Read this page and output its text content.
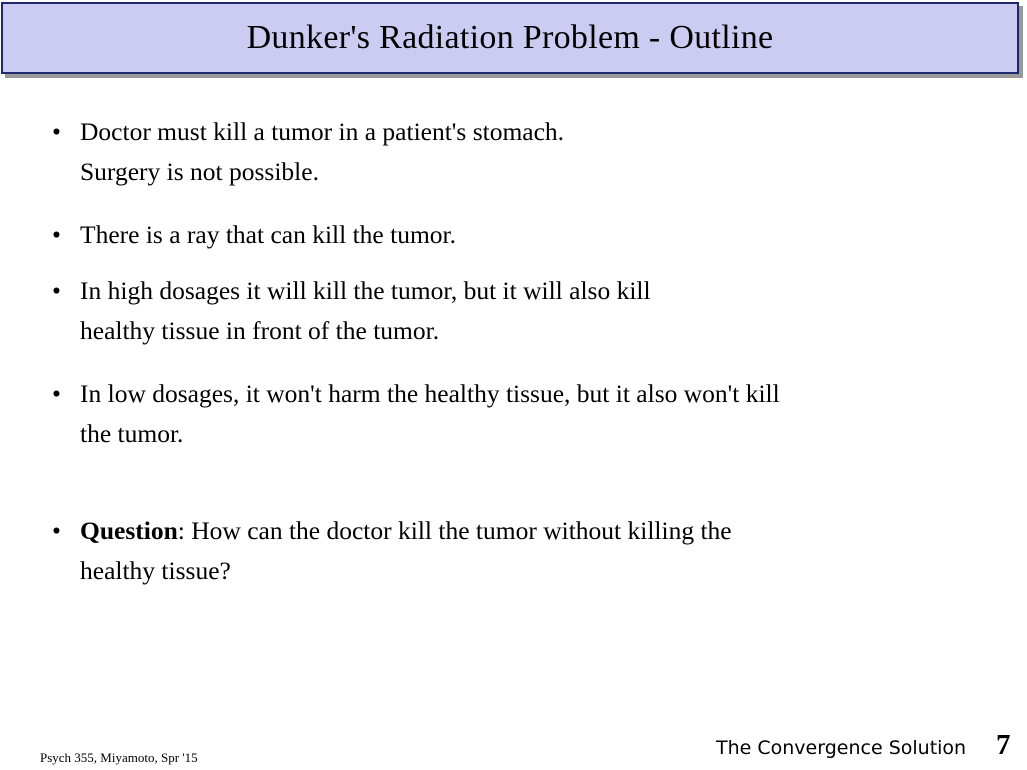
Dunker's Radiation Problem - Outline
• Doctor must kill a tumor in a patient's stomach.
Surgery is not possible.
• There is a ray that can kill the tumor.
• In high dosages it will kill the tumor, but it will also kill
healthy tissue in front of the tumor.
• In low dosages, it won't harm the healthy tissue, but it also won't kill
the tumor.
• Question: How can the doctor kill the tumor without killing the
healthy tissue?
Psych 355, Miyamoto, Spr '15	The Convergence Solution 7
